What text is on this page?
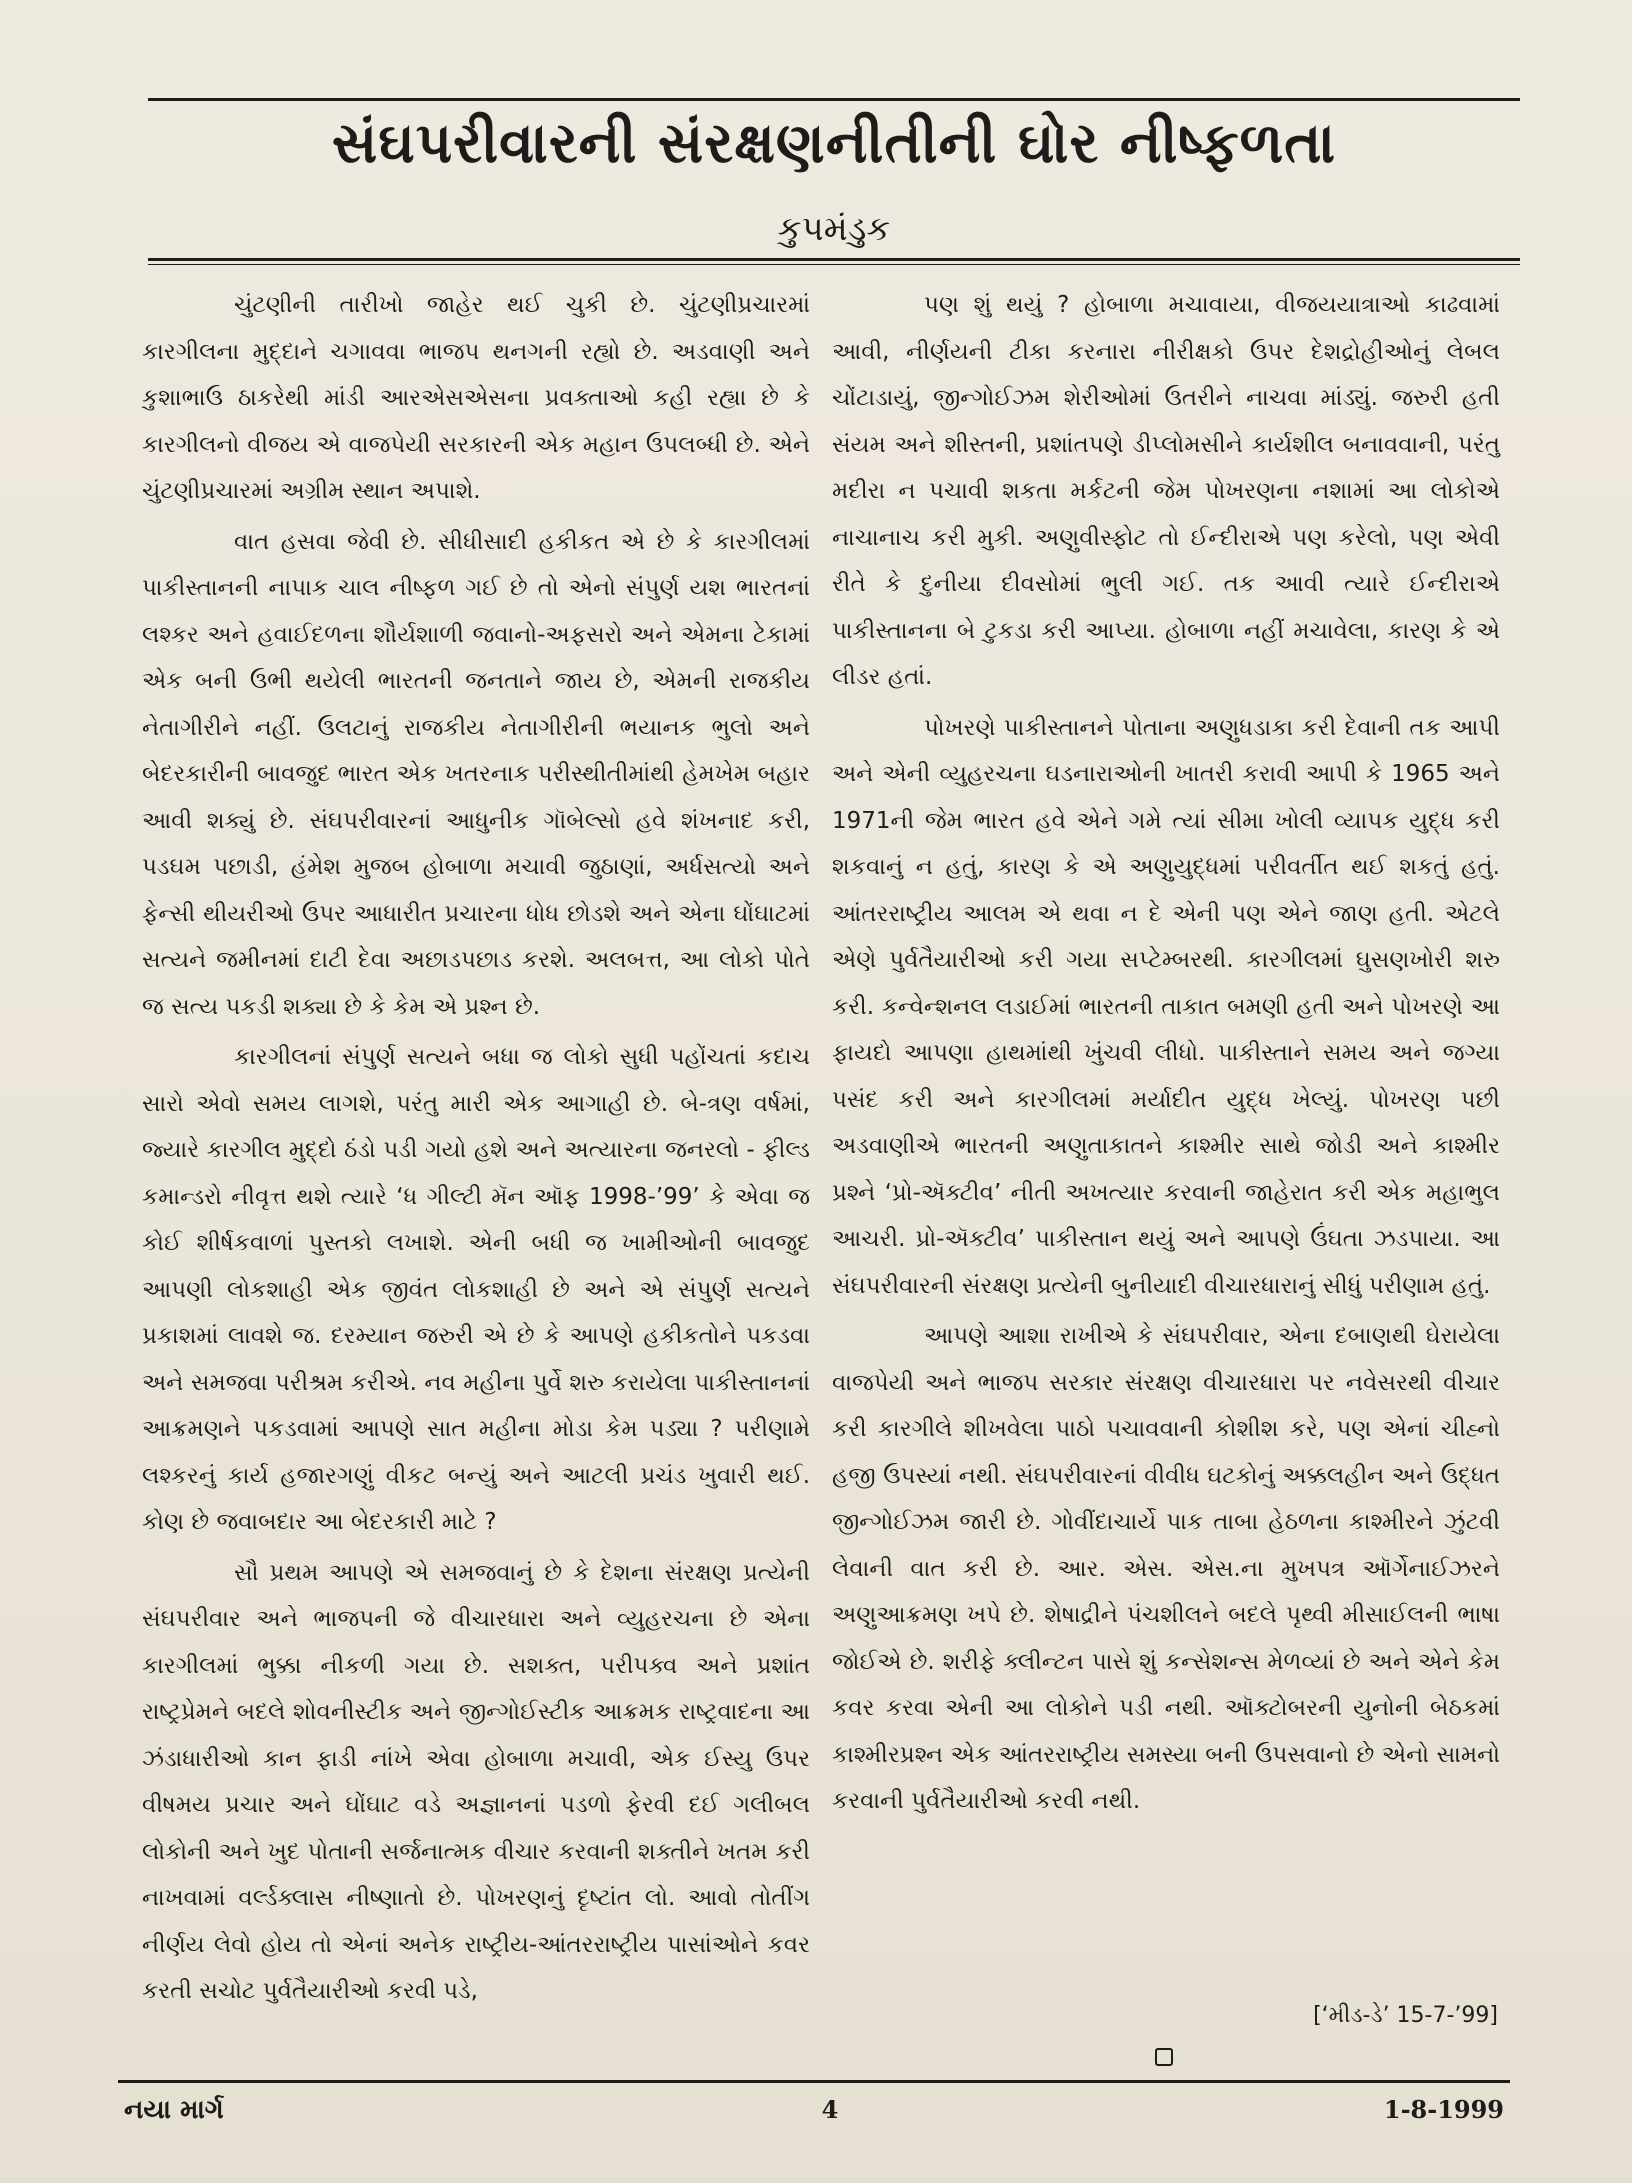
સંઘપરીવારની સંરક્ષણનીતીની ઘોર નીષ્ફળતા
કુપમંડુક

ચુંટણીની તારીખો જાહેર થઈ ચુકી છે. ચુંટણીપ્રચારમાં કારગીલના મુદ્દાને ચગાવવા ભાજપ થનગની રહ્યો છે. અડવાણી અને કુશાભાઉ ઠાકરેથી માંડી આરએસએસના પ્રવક્તાઓ કહી રહ્યા છે કે કારગીલનો વીજય એ વાજપેયી સરકારની એક મહાન ઉપલબ્ધી છે. એને ચુંટણીપ્રચારમાં અગ્રીમ સ્થાન અપાશે.

વાત હસવા જેવી છે. સીધીસાદી હકીકત એ છે કે કારગીલમાં પાકીસ્તાનની નાપાક ચાલ નીષ્ફળ ગઈ છે તો એનો સંપુર્ણ યશ ભારતનાં લશ્કર અને હવાઈદળના શૌર્યશાળી જવાનો-અફસરો અને એમના ટેકામાં એક બની ઉભી થયેલી ભારતની જનતાને જાય છે, એમની રાજકીય નેતાગીરીને નહીં. ઉલટાનું રાજકીય નેતાગીરીની ભયાનક ભુલો અને બેદરકારીની બાવજુદ ભારત એક ખતરનાક પરીસ્થીતીમાંથી હેમખેમ બહાર આવી શક્યું છે. સંઘપરીવારનાં આધુનીક ગૉબેલ્સો હવે શંખનાદ કરી, પડઘમ પછાડી, હંમેશ મુજબ હોબાળા મચાવી જુઠાણાં, અર્ધસત્યો અને ફેન્સી થીયરીઓ ઉપર આધારીત પ્રચારના ધોધ છોડશે અને એના ઘોંઘાટમાં સત્યને જમીનમાં દાટી દેવા અછાડપછાડ કરશે. અલબત્ત, આ લોકો પોતે જ સત્ય પકડી શક્યા છે કે કેમ એ પ્રશ્ન છે.

કારગીલનાં સંપુર્ણ સત્યને બધા જ લોકો સુધી પહોંચતાં કદાચ સારો એવો સમય લાગશે, પરંતુ મારી એક આગાહી છે. બે-ત્રણ વર્ષમાં, જ્યારે કારગીલ મુદ્દો ઠંડો પડી ગયો હશે અને અત્યારના જનરલો - ફીલ્ડ કમાન્ડરો નીવૃત્ત થશે ત્યારે ‘ધ ગીલ્ટી મૅન ઑફ 1998-’99’ કે એવા જ કોઈ શીર્ષકવાળાં પુસ્તકો લખાશે. એની બધી જ ખામીઓની બાવજુદ આપણી લોકશાહી એક જીવંત લોકશાહી છે અને એ સંપુર્ણ સત્યને પ્રકાશમાં લાવશે જ. દરમ્યાન જરુરી એ છે કે આપણે હકીકતોને પકડવા અને સમજવા પરીશ્રમ કરીએ. નવ મહીના પુર્વે શરુ કરાયેલા પાકીસ્તાનનાં આક્રમણને પકડવામાં આપણે સાત મહીના મોડા કેમ પડ્યા ? પરીણામે લશ્કરનું કાર્ય હજારગણું વીકટ બન્યું અને આટલી પ્રચંડ ખુવારી થઈ. કોણ છે જવાબદાર આ બેદરકારી માટે ?

સૌ પ્રથમ આપણે એ સમજવાનું છે કે દેશના સંરક્ષણ પ્રત્યેની સંઘપરીવાર અને ભાજપની જે વીચારધારા અને વ્યુહરચના છે એના કારગીલમાં ભુક્કા નીકળી ગયા છે. સશક્ત, પરીપક્વ અને પ્રશાંત રાષ્ટ્રપ્રેમને બદલે શોવનીસ્ટીક અને જીન્ગોઈસ્ટીક આક્રમક રાષ્ટ્રવાદના આ ઝંડાધારીઓ કાન ફાડી નાંખે એવા હોબાળા મચાવી, એક ઈસ્યુ ઉપર વીષમય પ્રચાર અને ઘોંઘાટ વડે અજ્ઞાનનાં પડળો ફેરવી દઈ ગલીબલ લોકોની અને ખુદ પોતાની સર્જનાત્મક વીચાર કરવાની શક્તીને ખતમ કરી નાખવામાં વર્લ્ડક્લાસ નીષ્ણાતો છે. પોખરણનું દૃષ્ટાંત લો. આવો તોતીંગ નીર્ણય લેવો હોય તો એનાં અનેક રાષ્ટ્રીય-આંતરરાષ્ટ્રીય પાસાંઓને કવર કરતી સચોટ પુર્વતૈયારીઓ કરવી પડે,

પણ શું થયું ? હોબાળા મચાવાયા, વીજયયાત્રાઓ કાઢવામાં આવી, નીર્ણયની ટીકા કરનારા નીરીક્ષકો ઉપર દેશદ્રોહીઓનું લેબલ ચોંટાડાયું, જીન્ગોઈઝમ શેરીઓમાં ઉતરીને નાચવા માંડ્યું. જરુરી હતી સંયમ અને શીસ્તની, પ્રશાંતપણે ડીપ્લોમસીને કાર્યશીલ બનાવવાની, પરંતુ મદીરા ન પચાવી શકતા મર્કટની જેમ પોખરણના નશામાં આ લોકોએ નાચાનાચ કરી મુકી. અણુવીસ્ફોટ તો ઈન્દીરાએ પણ કરેલો, પણ એવી રીતે કે દુનીયા દીવસોમાં ભુલી ગઈ. તક આવી ત્યારે ઈન્દીરાએ પાકીસ્તાનના બે ટુકડા કરી આપ્યા. હોબાળા નહીં મચાવેલા, કારણ કે એ લીડર હતાં.

પોખરણે પાકીસ્તાનને પોતાના અણુધડાકા કરી દેવાની તક આપી અને એની વ્યુહરચના ઘડનારાઓની ખાતરી કરાવી આપી કે 1965 અને 1971ની જેમ ભારત હવે એને ગમે ત્યાં સીમા ખોલી વ્યાપક યુદ્ધ કરી શકવાનું ન હતું, કારણ કે એ અણુયુદ્ધમાં પરીવર્તીત થઈ શકતું હતું. આંતરરાષ્ટ્રીય આલમ એ થવા ન દે એની પણ એને જાણ હતી. એટલે એણે પુર્વતૈયારીઓ કરી ગયા સપ્ટેમ્બરથી. કારગીલમાં ઘુસણખોરી શરુ કરી. કન્વેન્શનલ લડાઈમાં ભારતની તાકાત બમણી હતી અને પોખરણે આ ફાયદો આપણા હાથમાંથી ખુંચવી લીધો. પાકીસ્તાને સમય અને જગ્યા પસંદ કરી અને કારગીલમાં મર્યાદીત યુદ્ધ ખેલ્યું. પોખરણ પછી અડવાણીએ ભારતની અણુતાકાતને કાશ્મીર સાથે જોડી અને કાશ્મીર પ્રશ્ને ‘પ્રો-ઍક્ટીવ’ નીતી અખત્યાર કરવાની જાહેરાત કરી એક મહાભુલ આચરી. પ્રો-ઍક્ટીવ’ પાકીસ્તાન થયું અને આપણે ઉંઘતા ઝડપાયા. આ સંઘપરીવારની સંરક્ષણ પ્રત્યેની બુનીયાદી વીચારધારાનું સીધું પરીણામ હતું.

આપણે આશા રાખીએ કે સંઘપરીવાર, એના દબાણથી ઘેરાયેલા વાજપેયી અને ભાજપ સરકાર સંરક્ષણ વીચારધારા પર નવેસરથી વીચાર કરી કારગીલે શીખવેલા પાઠો પચાવવાની કોશીશ કરે, પણ એનાં ચીહ્નો હજી ઉપસ્યાં નથી. સંઘપરીવારનાં વીવીધ ઘટકોનું અક્કલહીન અને ઉદ્ધત જીન્ગોઈઝમ જારી છે. ગોવીંદાચાર્યે પાક તાબા હેઠળના કાશ્મીરને ઝુંટવી લેવાની વાત કરી છે. આર. એસ. એસ.ના મુખપત્ર ઑર્ગેનાઈઝરને અણુઆક્રમણ ખપે છે. શેષાદ્રીને પંચશીલને બદલે પૃથ્વી મીસાઈલની ભાષા જોઈએ છે. શરીફે ક્લીન્ટન પાસે શું કન્સેશન્સ મેળવ્યાં છે અને એને કેમ કવર કરવા એની આ લોકોને પડી નથી. ઑક્ટોબરની યુનોની બેઠકમાં કાશ્મીરપ્રશ્ન એક આંતરરાષ્ટ્રીય સમસ્યા બની ઉપસવાનો છે એનો સામનો કરવાની પુર્વતૈયારીઓ કરવી નથી.

[‘મીડ-ડે’ 15-7-’99]
નયા માર્ગ	4	1-8-1999
